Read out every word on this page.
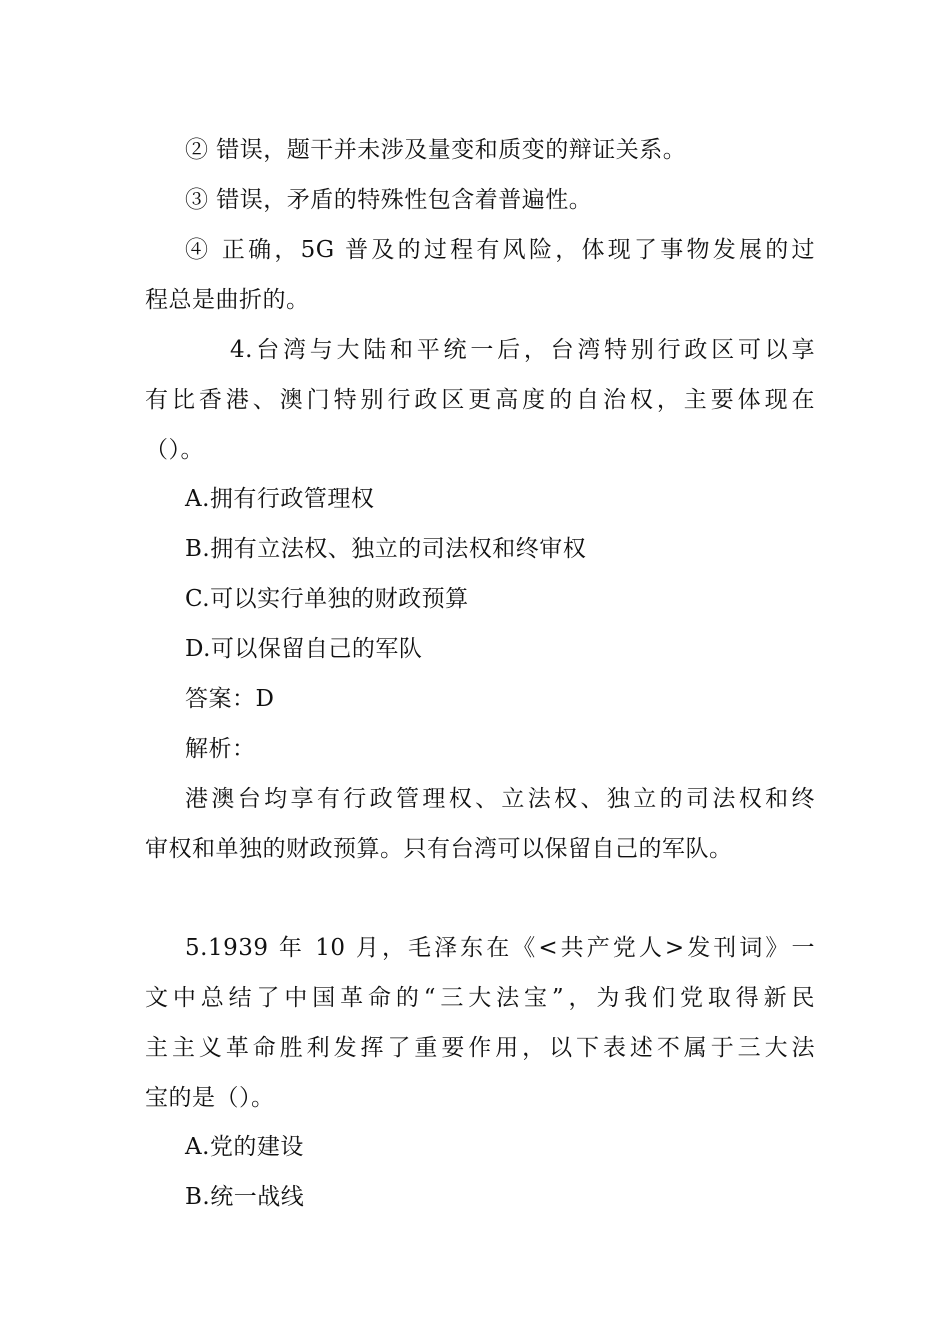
② 错误，题干并未涉及量变和质变的辩证关系。
③ 错误，矛盾的特殊性包含着普遍性。
④ 正确，5G 普及的过程有风险，体现了事物发展的过
程总是曲折的。
4.台湾与大陆和平统一后，台湾特别行政区可以享
有比香港、澳门特别行政区更高度的自治权，主要体现在
（）。
A.拥有行政管理权
B.拥有立法权、独立的司法权和终审权
C.可以实行单独的财政预算
D.可以保留自己的军队
答案：D
解析：
港澳台均享有行政管理权、立法权、独立的司法权和终
审权和单独的财政预算。只有台湾可以保留自己的军队。
5.1939 年 10 月，毛泽东在《<共产党人>发刊词》一
文中总结了中国革命的“三大法宝”，为我们党取得新民
主主义革命胜利发挥了重要作用，以下表述不属于三大法
宝的是（）。
A.党的建设
B.统一战线
